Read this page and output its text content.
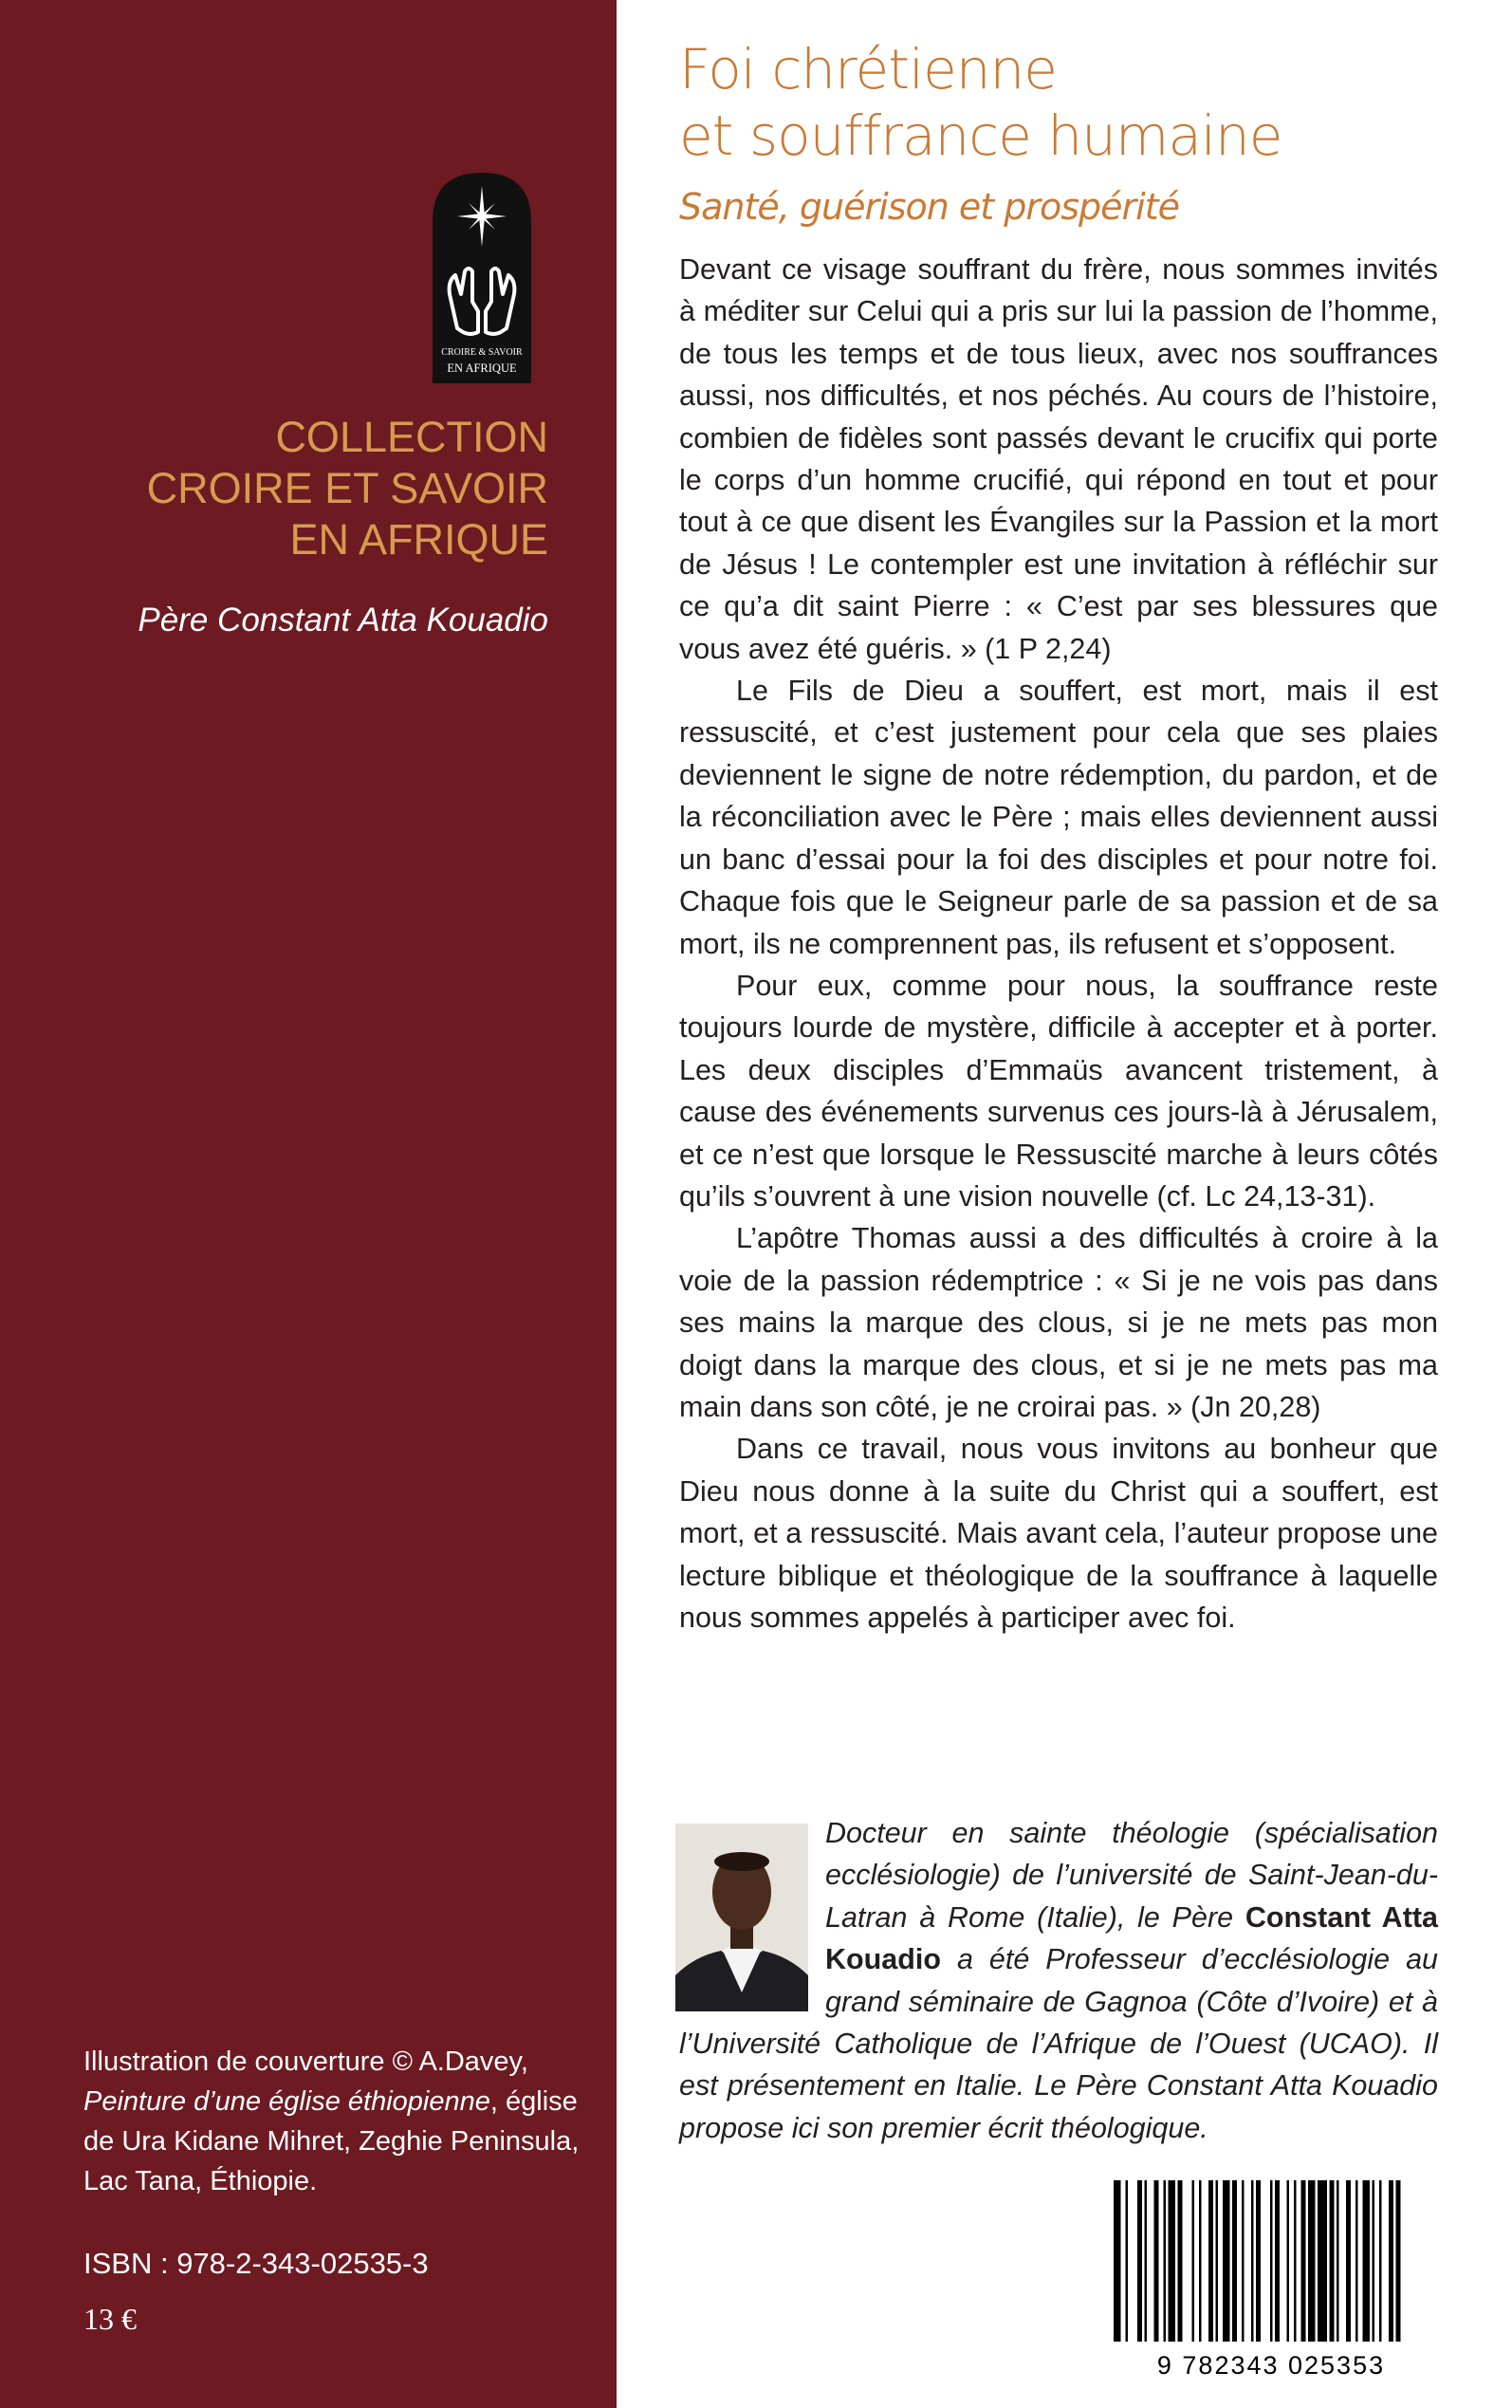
CROIRE & SAVOIR
EN AFRIQUE
COLLECTION
CROIRE ET SAVOIR
EN AFRIQUE
Père Constant Atta Kouadio
Illustration de couverture © A.Davey, Peinture d’une église éthiopienne, église de Ura Kidane Mihret, Zeghie Peninsula, Lac Tana, Éthiopie.
ISBN : 978-2-343-02535-3
13 €
Foi chrétienne
et souffrance humaine
Santé, guérison et prospérité

Devant ce visage souffrant du frère, nous sommes invités à méditer sur Celui qui a pris sur lui la passion de l’homme, de tous les temps et de tous lieux, avec nos souffrances aussi, nos difficultés, et nos péchés. Au cours de l’histoire, combien de fidèles sont passés devant le crucifix qui porte le corps d’un homme crucifié, qui répond en tout et pour tout à ce que disent les Évangiles sur la Passion et la mort de Jésus ! Le contempler est une invitation à réfléchir sur ce qu’a dit saint Pierre : « C’est par ses blessures que vous avez été guéris. » (1 P 2,24)

Le Fils de Dieu a souffert, est mort, mais il est ressuscité, et c’est justement pour cela que ses plaies deviennent le signe de notre rédemption, du pardon, et de la réconciliation avec le Père ; mais elles deviennent aussi un banc d’essai pour la foi des disciples et pour notre foi. Chaque fois que le Seigneur parle de sa passion et de sa mort, ils ne comprennent pas, ils refusent et s’opposent.

Pour eux, comme pour nous, la souffrance reste toujours lourde de mystère, difficile à accepter et à porter. Les deux disciples d’Emmaüs avancent tristement, à cause des événements survenus ces jours-là à Jérusalem, et ce n’est que lorsque le Ressuscité marche à leurs côtés qu’ils s’ouvrent à une vision nouvelle (cf. Lc 24,13-31).

L’apôtre Thomas aussi a des difficultés à croire à la voie de la passion rédemptrice : « Si je ne vois pas dans ses mains la marque des clous, si je ne mets pas mon doigt dans la marque des clous, et si je ne mets pas ma main dans son côté, je ne croirai pas. » (Jn 20,28)

Dans ce travail, nous vous invitons au bonheur que Dieu nous donne à la suite du Christ qui a souffert, est mort, et a ressuscité. Mais avant cela, l’auteur propose une lecture biblique et théologique de la souffrance à laquelle nous sommes appelés à participer avec foi.

Docteur en sainte théologie (spécialisation ecclésiologie) de l’université de Saint-Jean-du-Latran à Rome (Italie), le Père Constant Atta Kouadio a été Professeur d’ecclésiologie au grand séminaire de Gagnoa (Côte d’Ivoire) et à l’Université Catholique de l’Afrique de l’Ouest (UCAO). Il est présentement en Italie. Le Père Constant Atta Kouadio propose ici son premier écrit théologique.
9 782343 025353
